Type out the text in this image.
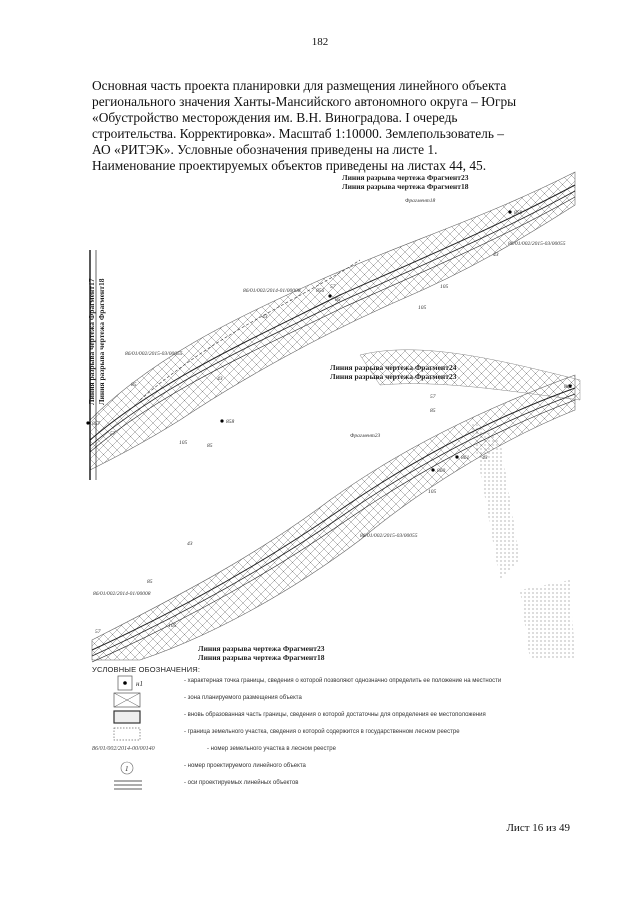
182
Основная часть проекта планировки для размещения линейного объекта
регионального значения Ханты-Мансийского автономного округа – Югры
«Обустройство месторождения им. В.Н. Виноградова. I очередь
строительства. Корректировка». Масштаб 1:10000. Землепользователь –
АО «РИТЭК». Условные обозначения приведены на листе 1.
Наименование проектируемых объектов приведены на листах 44, 45.
Линия разрыва чертежа Фрагмент23
Линия разрыва чертежа Фрагмент18
Линия разрыва чертежа Фрагмент24
Линия разрыва чертежа Фрагмент23
Линия разрыва чертежа Фрагмент23
Линия разрыва чертежа Фрагмент18
Линия разрыва чертежа Фрагмент17 Линия разрыва чертежа Фрагмент18
Фрагмент18
Фрагмент23
86/01/002/2015-03/00055
86/01/002/2014-01/00008
86/01/002/2015-03/00055
86/01/002/2015-03/00055
86/01/002/2014-01/00008
43
105
43
85
57
43
85
105
57
85
105
43
85
57
105
43
85
105
57
859
858
862
861
860
857
856
УСЛОВНЫЕ ОБОЗНАЧЕНИЯ:
н1	- характерная точка границы, сведения о которой позволяют однозначно определить ее положение на местности
- зона планируемого размещения объекта
- вновь образованная часть границы, сведения о которой достаточны для определения ее местоположения
- граница земельного участка, сведения о которой содержится в государственном лесном реестре
86/01/002/2014-00/00140	- номер земельного участка в лесном реестре
1	- номер проектируемого линейного объекта
- оси проектируемых линейных объектов
Лист 16 из 49
